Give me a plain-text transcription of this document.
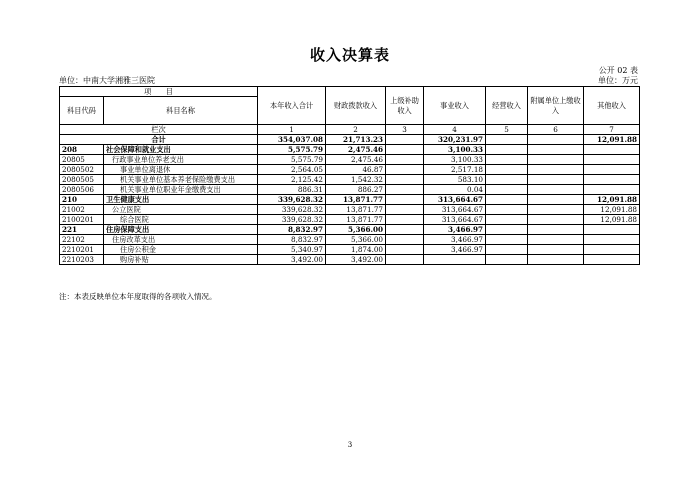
收入决算表
公开 02 表
单位：中南大学湘雅三医院	单位：万元
项　　目		本年收入合计	财政拨款收入	上级补助收入	事业收入	经营收入	附属单位上缴收入	其他收入
科目代码	科目名称							
栏次		1	2	3	4	5	6	7
合计		354,037.08	21,713.23		320,231.97			12,091.88
208	社会保障和就业支出	5,575.79	2,475.46		3,100.33			
20805	行政事业单位养老支出	5,575.79	2,475.46		3,100.33			
2080502	事业单位离退休	2,564.05	46.87		2,517.18			
2080505	机关事业单位基本养老保险缴费支出	2,125.42	1,542.32		583.10			
2080506	机关事业单位职业年金缴费支出	886.31	886.27		0.04			
210	卫生健康支出	339,628.32	13,871.77		313,664.67			12,091.88
21002	公立医院	339,628.32	13,871.77		313,664.67			12,091.88
2100201	综合医院	339,628.32	13,871.77		313,664.67			12,091.88
221	住房保障支出	8,832.97	5,366.00		3,466.97			
22102	住房改革支出	8,832.97	5,366.00		3,466.97			
2210201	住房公积金	5,340.97	1,874.00		3,466.97			
2210203	购房补贴	3,492.00	3,492.00					
注：本表反映单位本年度取得的各项收入情况。
3
